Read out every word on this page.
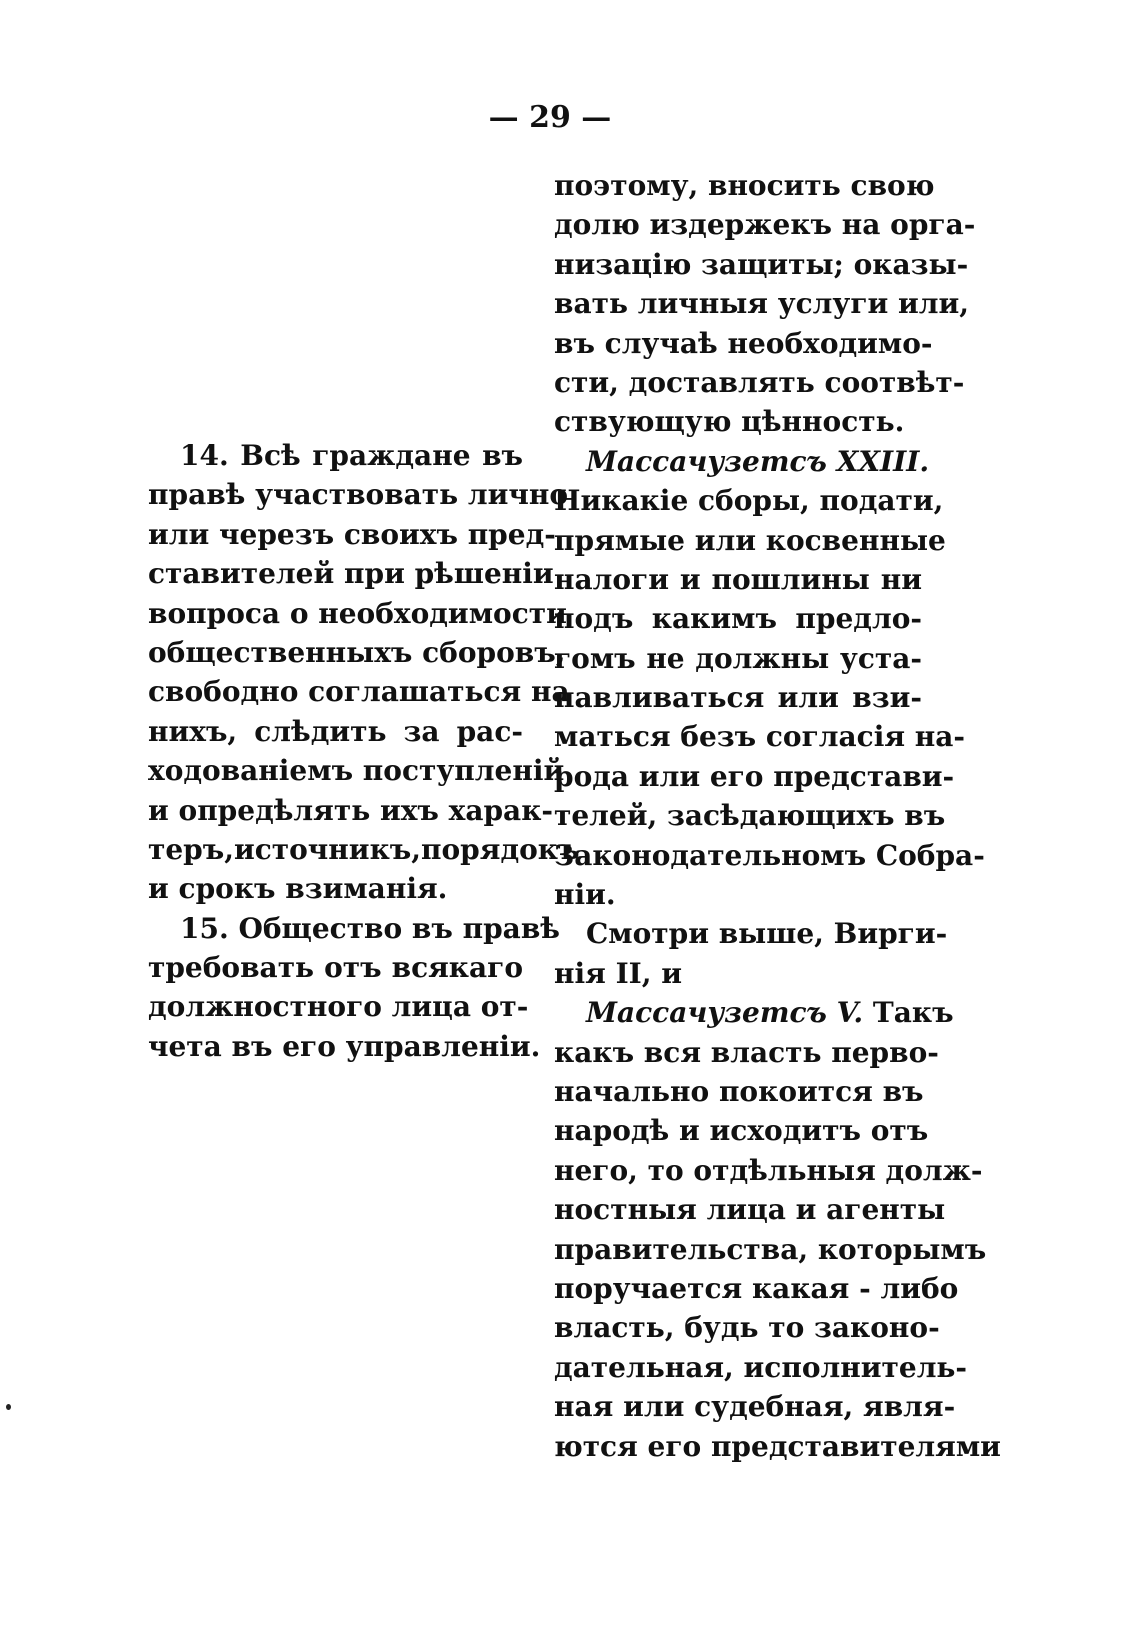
— 29 —
14. Всѣ граждане въ
правѣ участвовать лично
или черезъ своихъ пред-
ставителей при рѣшеніи
вопроса о необходимости
общественныхъ сборовъ,
свободно соглашаться на
нихъ, слѣдить за рас-
ходованіемъ поступленій
и опредѣлять ихъ харак-
теръ,источникъ,порядокъ
и срокъ взиманія.
15. Общество въ правѣ
требовать отъ всякаго
должностного лица от-
чета въ его управленіи.
поэтому, вносить свою
долю издержекъ на орга-
низацію защиты; оказы-
вать личныя услуги или,
въ случаѣ необходимо-
сти, доставлять соотвѣт-
ствующую цѣнность.
Массачузетсъ XXIII.
Никакіе сборы, подати,
прямые или косвенные
налоги и пошлины ни
подъ какимъ предло-
гомъ не должны уста-
навливаться или взи-
маться безъ согласія на-
рода или его представи-
телей, засѣдающихъ въ
Законодательномъ Собра-
ніи.
Смотри выше, Вирги-
нія II, и
Массачузетсъ V. Такъ
какъ вся власть перво-
начально покоится въ
народѣ и исходитъ отъ
него, то отдѣльныя долж-
ностныя лица и агенты
правительства, которымъ
поручается какая - либо
власть, будь то законо-
дательная, исполнитель-
ная или судебная, явля-
ются его представителями
